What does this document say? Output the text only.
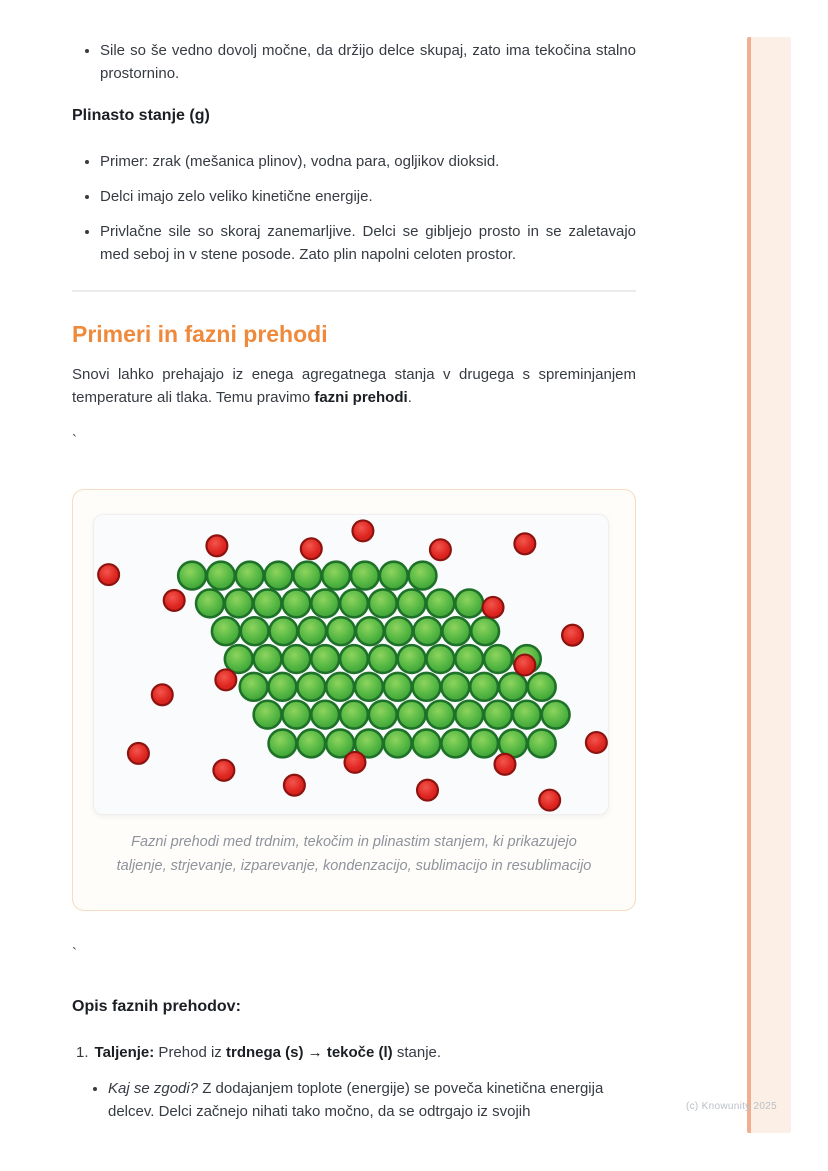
• Sile so še vedno dovolj močne, da držijo delce skupaj, zato ima tekočina stalno prostornino.
Plinasto stanje (g)
• Primer: zrak (mešanica plinov), vodna para, ogljikov dioksid.
• Delci imajo zelo veliko kinetične energije.
• Privlačne sile so skoraj zanemarljive. Delci se gibljejo prosto in se zaletavajo med seboj in v stene posode. Zato plin napolni celoten prostor.
Primeri in fazni prehodi

Snovi lahko prehajajo iz enega agregatnega stanja v drugega s spreminjanjem temperature ali tlaka. Temu pravimo fazni prehodi.

`
Fazni prehodi med trdnim, tekočim in plinastim stanjem, ki prikazujejo
taljenje, strjevanje, izparevanje, kondenzacijo, sublimacijo in resublimacijo
`
Opis faznih prehodov:
1. Taljenje: Prehod iz trdnega (s) → tekoče (l) stanje.
• Kaj se zgodi? Z dodajanjem toplote (energije) se poveča kinetična energija delcev. Delci začnejo nihati tako močno, da se odtrgajo iz svojih	(c) Knowunity 2025
